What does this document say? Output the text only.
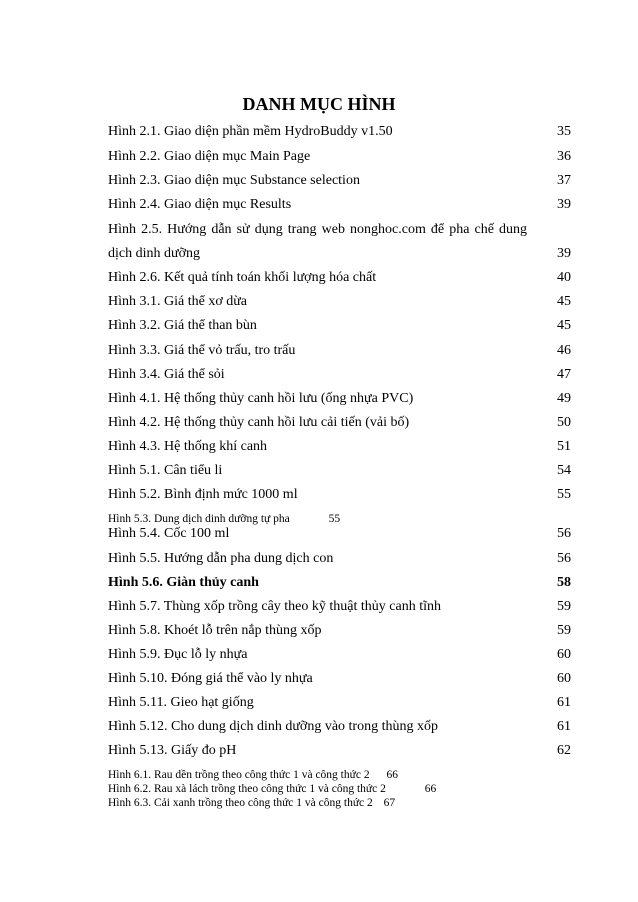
DANH MỤC HÌNH
Hình 2.1. Giao diện phần mềm HydroBuddy v1.50	35
Hình 2.2. Giao diện mục Main Page	36
Hình 2.3. Giao diện mục Substance selection	37
Hình 2.4. Giao diện mục Results	39
Hình 2.5. Hướng dẫn sử dụng trang web nonghoc.com để pha chế dung
dịch dinh dưỡng	39
Hình 2.6. Kết quả tính toán khối lượng hóa chất	40
Hình 3.1. Giá thể xơ dừa	45
Hình 3.2. Giá thể than bùn	45
Hình 3.3. Giá thể vỏ trấu, tro trấu	46
Hình 3.4. Giá thể sỏi	47
Hình 4.1. Hệ thống thủy canh hồi lưu (ống nhựa PVC)	49
Hình 4.2. Hệ thống thủy canh hồi lưu cải tiến (vải bố)	50
Hình 4.3. Hệ thống khí canh	51
Hình 5.1. Cân tiểu li	54
Hình 5.2. Bình định mức 1000 ml	55
Hình 5.3. Dung dịch dinh dưỡng tự pha	55
Hình 5.4. Cốc 100 ml	56
Hình 5.5. Hướng dẫn pha dung dịch con	56
Hình 5.6. Giàn thủy canh	58
Hình 5.7. Thùng xốp trồng cây theo kỹ thuật thủy canh tĩnh	59
Hình 5.8. Khoét lỗ trên nắp thùng xốp	59
Hình 5.9. Đục lỗ ly nhựa	60
Hình 5.10. Đóng giá thể vào ly nhựa	60
Hình 5.11. Gieo hạt giống	61
Hình 5.12. Cho dung dịch dinh dưỡng vào trong thùng xốp	61
Hình 5.13. Giấy đo pH	62
Hình 6.1. Rau dền trồng theo công thức 1 và công thức 2 66
Hình 6.2. Rau xà lách trồng theo công thức 1 và công thức 2	66
Hình 6.3. Cải xanh trồng theo công thức 1 và công thức 2 67
